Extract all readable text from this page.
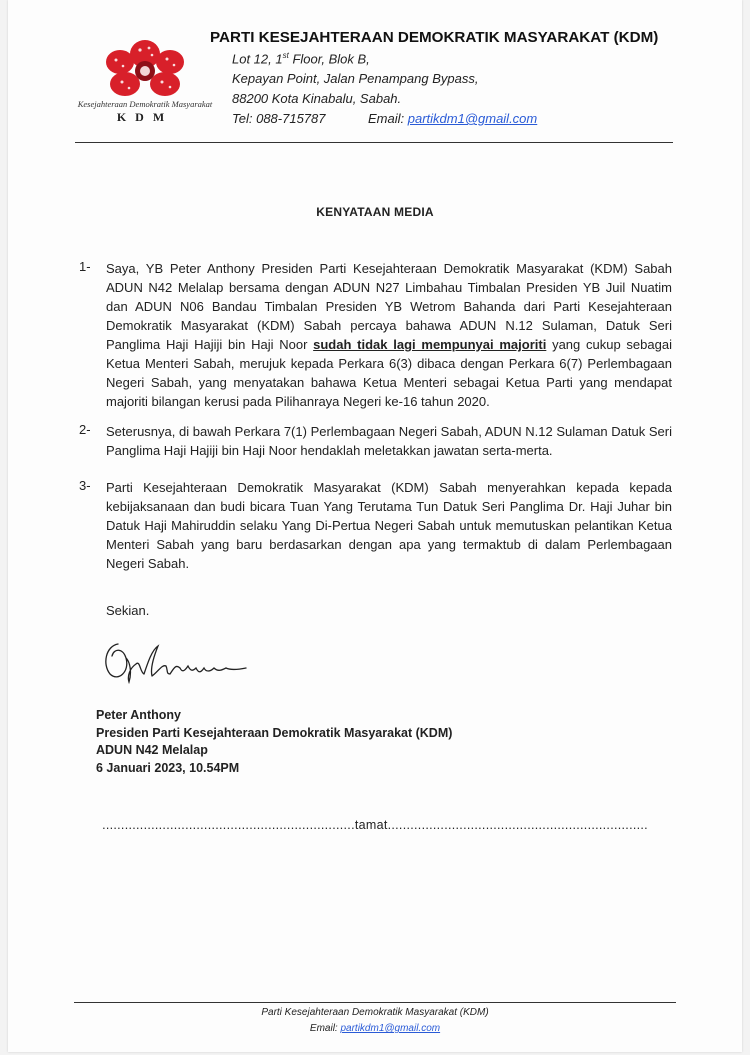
Kesejahteraan Demokratik Masyarakat
KDM
PARTI KESEJAHTERAAN DEMOKRATIK MASYARAKAT (KDM)
Lot 12, 1st Floor, Blok B,
Kepayan Point, Jalan Penampang Bypass,
88200 Kota Kinabalu, Sabah.
Tel: 088-715787	Email: partikdm1@gmail.com
KENYATAAN MEDIA
1- Saya, YB Peter Anthony Presiden Parti Kesejahteraan Demokratik Masyarakat (KDM) Sabah ADUN N42 Melalap bersama dengan ADUN N27 Limbahau Timbalan Presiden YB Juil Nuatim dan ADUN N06 Bandau Timbalan Presiden YB Wetrom Bahanda dari Parti Kesejahteraan Demokratik Masyarakat (KDM) Sabah percaya bahawa ADUN N.12 Sulaman, Datuk Seri Panglima Haji Hajiji bin Haji Noor sudah tidak lagi mempunyai majoriti yang cukup sebagai Ketua Menteri Sabah, merujuk kepada Perkara 6(3) dibaca dengan Perkara 6(7) Perlembagaan Negeri Sabah, yang menyatakan bahawa Ketua Menteri sebagai Ketua Parti yang mendapat majoriti bilangan kerusi pada Pilihanraya Negeri ke-16 tahun 2020.
2- Seterusnya, di bawah Perkara 7(1) Perlembagaan Negeri Sabah, ADUN N.12 Sulaman Datuk Seri Panglima Haji Hajiji bin Haji Noor hendaklah meletakkan jawatan serta-merta.
3- Parti Kesejahteraan Demokratik Masyarakat (KDM) Sabah menyerahkan kepada kepada kebijaksanaan dan budi bicara Tuan Yang Terutama Tun Datuk Seri Panglima Dr. Haji Juhar bin Datuk Haji Mahiruddin selaku Yang Di-Pertua Negeri Sabah untuk memutuskan pelantikan Ketua Menteri Sabah yang baru berdasarkan dengan apa yang termaktub di dalam Perlembagaan Negeri Sabah.
Sekian.
Peter Anthony
Presiden Parti Kesejahteraan Demokratik Masyarakat (KDM)
ADUN N42 Melalap
6 Januari 2023, 10.54PM
...................................................................tamat.....................................................................
Parti Kesejahteraan Demokratik Masyarakat (KDM)
Email: partikdm1@gmail.com
